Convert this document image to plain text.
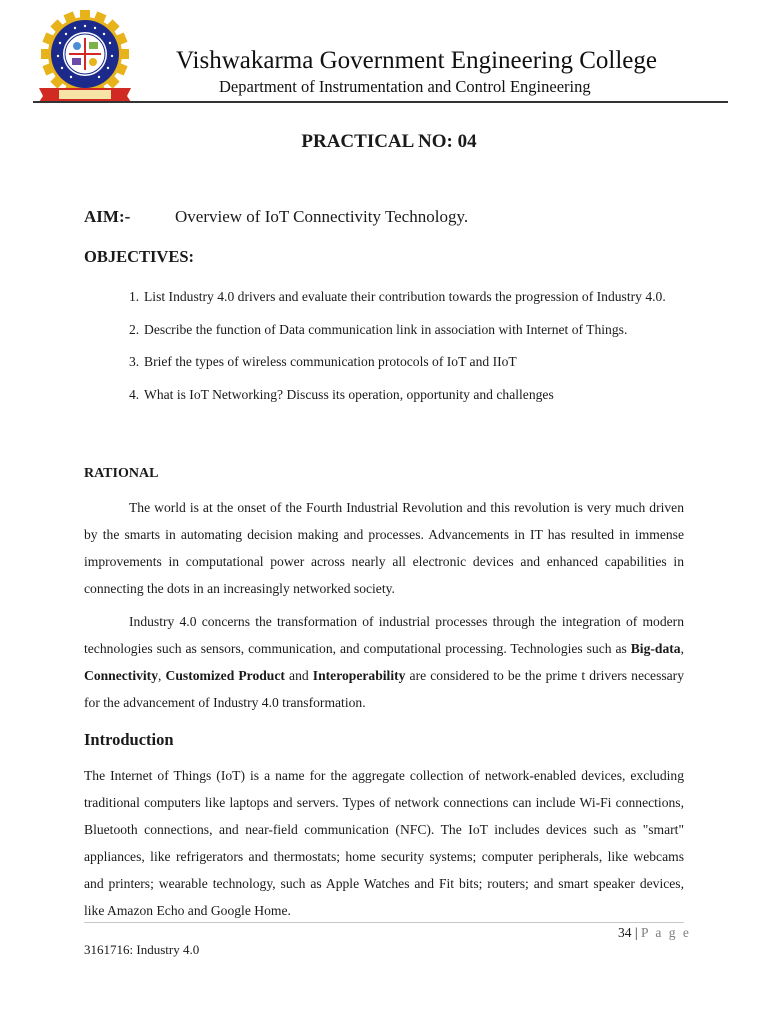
Vishwakarma Government Engineering College
Department of Instrumentation and Control Engineering
PRACTICAL NO: 04
AIM:-	Overview of IoT Connectivity Technology.
OBJECTIVES:
1. List Industry 4.0 drivers and evaluate their contribution towards the progression of Industry 4.0.
2. Describe the function of Data communication link in association with Internet of Things.
3. Brief the types of wireless communication protocols of IoT and IIoT
4. What is IoT Networking? Discuss its operation, opportunity and challenges
RATIONAL
The world is at the onset of the Fourth Industrial Revolution and this revolution is very much driven by the smarts in automating decision making and processes. Advancements in IT has resulted in immense improvements in computational power across nearly all electronic devices and enhanced capabilities in connecting the dots in an increasingly networked society.
Industry 4.0 concerns the transformation of industrial processes through the integration of modern technologies such as sensors, communication, and computational processing. Technologies such as Big-data, Connectivity, Customized Product and Interoperability are considered to be the prime t drivers necessary for the advancement of Industry 4.0 transformation.
Introduction
The Internet of Things (IoT) is a name for the aggregate collection of network-enabled devices, excluding traditional computers like laptops and servers. Types of network connections can include Wi-Fi connections, Bluetooth connections, and near-field communication (NFC). The IoT includes devices such as "smart" appliances, like refrigerators and thermostats; home security systems; computer peripherals, like webcams and printers; wearable technology, such as Apple Watches and Fit bits; routers; and smart speaker devices, like Amazon Echo and Google Home.
34 | P a g e
3161716: Industry 4.0
